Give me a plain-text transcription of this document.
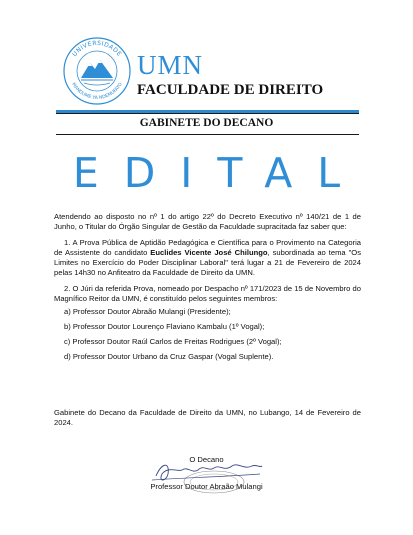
UNIVERSIDADE
MANDUME YA NDEMUFAYO
UMN
FACULDADE DE DIREITO
GABINETE DO DECANO
EDITAL

Atendendo ao disposto no nº 1 do artigo 22º do Decreto Executivo nº 140/21 de 1 de Junho, o Titular do Órgão Singular de Gestão da Faculdade supracitada faz saber que:

1. A Prova Pública de Aptidão Pedagógica e Científica para o Provimento na Categoria de Assistente do candidato Euclides Vicente José Chilungo, subordinada ao tema "Os Limites no Exercício do Poder Disciplinar Laboral" terá lugar a 21 de Fevereiro de 2024 pelas 14h30 no Anfiteatro da Faculdade de Direito da UMN.

2. O Júri da referida Prova, nomeado por Despacho nº 171/2023 de 15 de Novembro do Magnífico Reitor da UMN, é constituído pelos seguintes membros:

a) Professor Doutor Abraão Mulangi (Presidente);
b) Professor Doutor Lourenço Flaviano Kambalu (1º Vogal);
c) Professor Doutor Raúl Carlos de Freitas Rodrigues (2º Vogal);
d) Professor Doutor Urbano da Cruz Gaspar (Vogal Suplente).
Gabinete do Decano da Faculdade de Direito da UMN, no Lubango, 14 de Fevereiro de 2024.
O Decano
Professor Doutor Abraão Mulangi
